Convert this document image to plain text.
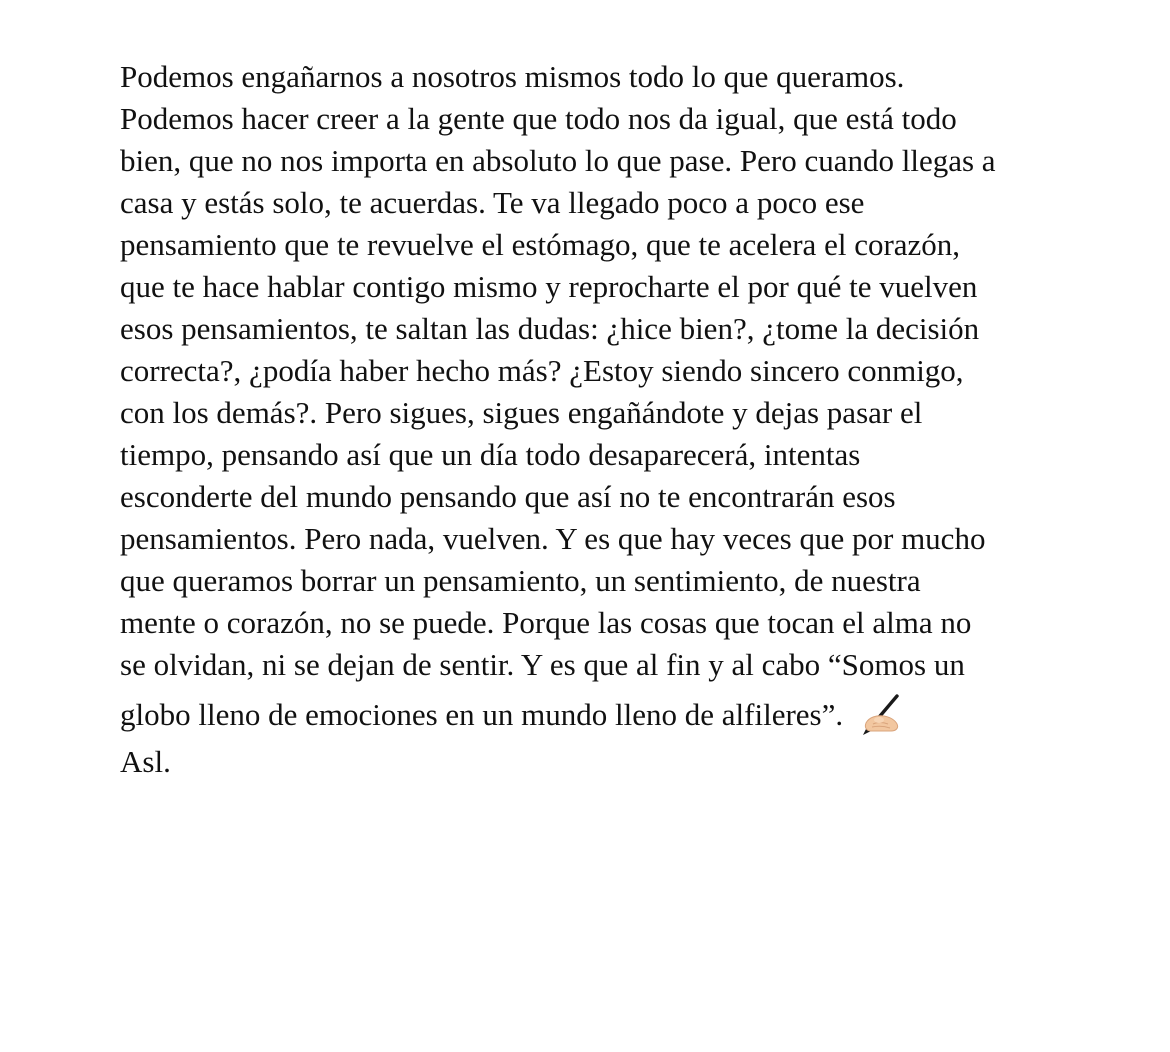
Podemos engañarnos a nosotros mismos todo lo que queramos.
Podemos hacer creer a la gente que todo nos da igual, que está todo
bien, que no nos importa en absoluto lo que pase. Pero cuando llegas a
casa y estás solo, te acuerdas. Te va llegado poco a poco ese
pensamiento que te revuelve el estómago, que te acelera el corazón,
que te hace hablar contigo mismo y reprocharte el por qué te vuelven
esos pensamientos, te saltan las dudas: ¿hice bien?, ¿tome la decisión
correcta?, ¿podía haber hecho más? ¿Estoy siendo sincero conmigo,
con los demás?. Pero sigues, sigues engañándote y dejas pasar el
tiempo, pensando así que un día todo desaparecerá, intentas
esconderte del mundo pensando que así no te encontrarán esos
pensamientos. Pero nada, vuelven. Y es que hay veces que por mucho
que queramos borrar un pensamiento, un sentimiento, de nuestra
mente o corazón, no se puede. Porque las cosas que tocan el alma no
se olvidan, ni se dejan de sentir. Y es que al fin y al cabo “Somos un
globo lleno de emociones en un mundo lleno de alfileres”.
Asl.
